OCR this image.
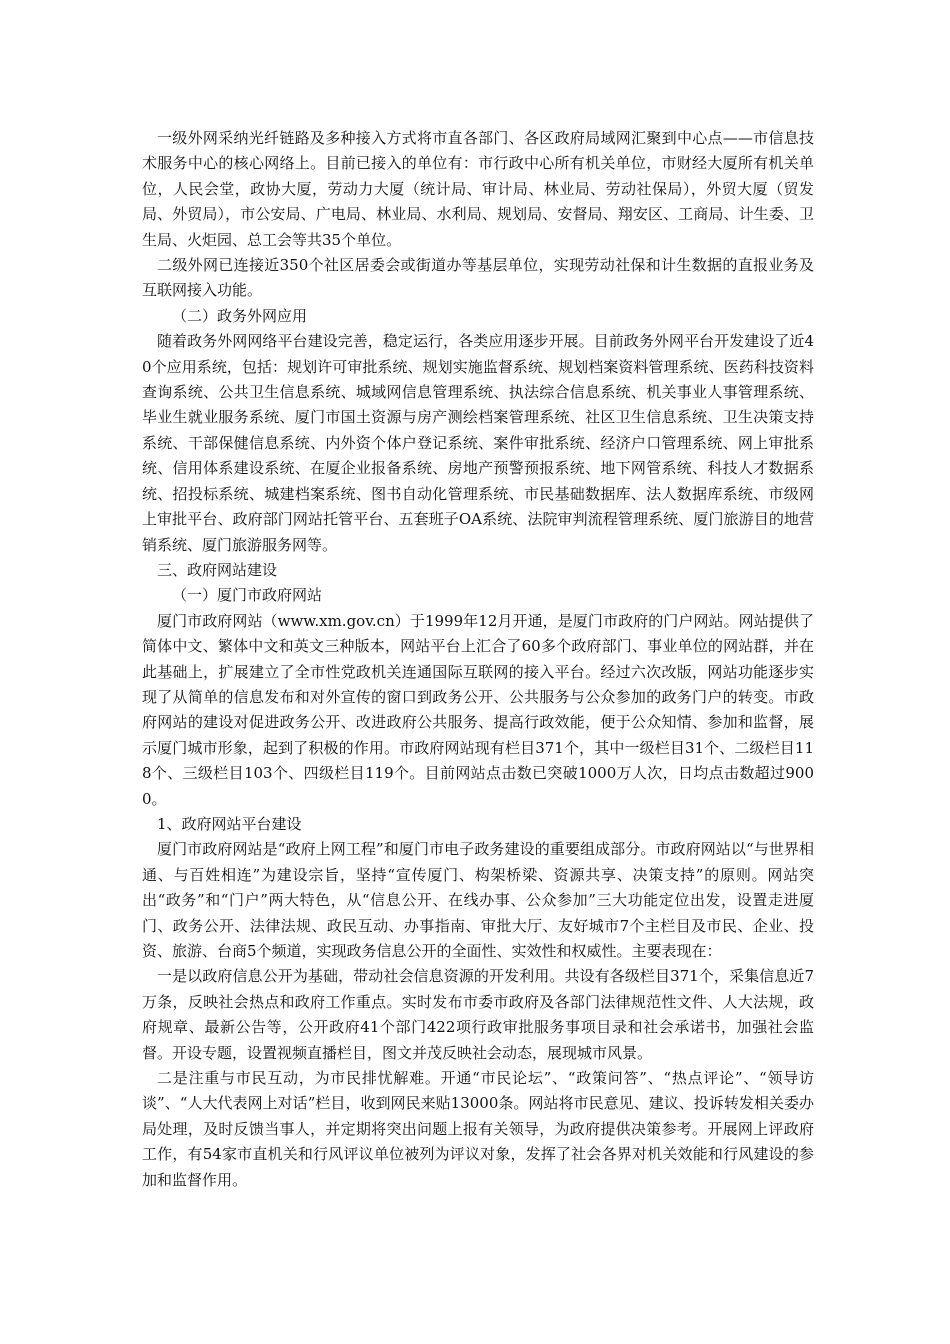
一级外网采纳光纤链路及多种接入方式将市直各部门、各区政府局域网汇聚到中心点——市信息技术服务中心的核心网络上。目前已接入的单位有：市行政中心所有机关单位，市财经大厦所有机关单位，人民会堂，政协大厦，劳动力大厦（统计局、审计局、林业局、劳动社保局），外贸大厦（贸发局、外贸局），市公安局、广电局、林业局、水利局、规划局、安督局、翔安区、工商局、计生委、卫生局、火炬园、总工会等共35个单位。

二级外网已连接近350个社区居委会或街道办等基层单位，实现劳动社保和计生数据的直报业务及互联网接入功能。

（二）政务外网应用

随着政务外网网络平台建设完善，稳定运行，各类应用逐步开展。目前政务外网平台开发建设了近40个应用系统，包括：规划许可审批系统、规划实施监督系统、规划档案资料管理系统、医药科技资料查询系统、公共卫生信息系统、城域网信息管理系统、执法综合信息系统、机关事业人事管理系统、毕业生就业服务系统、厦门市国土资源与房产测绘档案管理系统、社区卫生信息系统、卫生决策支持系统、干部保健信息系统、内外资个体户登记系统、案件审批系统、经济户口管理系统、网上审批系统、信用体系建设系统、在厦企业报备系统、房地产预警预报系统、地下网管系统、科技人才数据系统、招投标系统、城建档案系统、图书自动化管理系统、市民基础数据库、法人数据库系统、市级网上审批平台、政府部门网站托管平台、五套班子OA系统、法院审判流程管理系统、厦门旅游目的地营销系统、厦门旅游服务网等。

三、政府网站建设

（一）厦门市政府网站

厦门市政府网站（www.xm.gov.cn）于1999年12月开通，是厦门市政府的门户网站。网站提供了简体中文、繁体中文和英文三种版本，网站平台上汇合了60多个政府部门、事业单位的网站群，并在此基础上，扩展建立了全市性党政机关连通国际互联网的接入平台。经过六次改版，网站功能逐步实现了从简单的信息发布和对外宣传的窗口到政务公开、公共服务与公众参加的政务门户的转变。市政府网站的建设对促进政务公开、改进政府公共服务、提高行政效能，便于公众知情、参加和监督，展示厦门城市形象，起到了积极的作用。市政府网站现有栏目371个，其中一级栏目31个、二级栏目118个、三级栏目103个、四级栏目119个。目前网站点击数已突破1000万人次，日均点击数超过9000。

1、政府网站平台建设

厦门市政府网站是“政府上网工程”和厦门市电子政务建设的重要组成部分。市政府网站以“与世界相通、与百姓相连”为建设宗旨，坚持“宣传厦门、构架桥梁、资源共享、决策支持”的原则。网站突出“政务”和“门户”两大特色，从“信息公开、在线办事、公众参加”三大功能定位出发，设置走进厦门、政务公开、法律法规、政民互动、办事指南、审批大厅、友好城市7个主栏目及市民、企业、投资、旅游、台商5个频道，实现政务信息公开的全面性、实效性和权威性。主要表现在：

一是以政府信息公开为基础，带动社会信息资源的开发利用。共设有各级栏目371个，采集信息近7万条，反映社会热点和政府工作重点。实时发布市委市政府及各部门法律规范性文件、人大法规，政府规章、最新公告等，公开政府41个部门422项行政审批服务事项目录和社会承诺书，加强社会监督。开设专题，设置视频直播栏目，图文并茂反映社会动态，展现城市风景。

二是注重与市民互动，为市民排忧解难。开通“市民论坛”、“政策问答”、“热点评论”、“领导访谈”、“人大代表网上对话”栏目，收到网民来贴13000条。网站将市民意见、建议、投诉转发相关委办局处理，及时反馈当事人，并定期将突出问题上报有关领导，为政府提供决策参考。开展网上评政府工作，有54家市直机关和行风评议单位被列为评议对象，发挥了社会各界对机关效能和行风建设的参加和监督作用。
